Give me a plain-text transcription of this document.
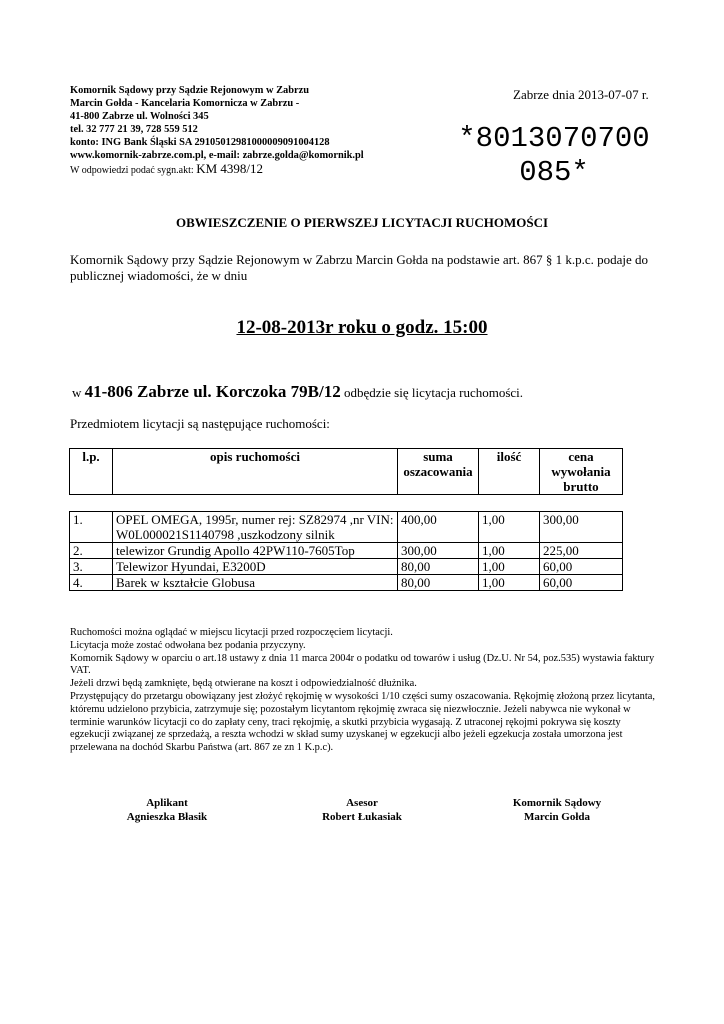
Komornik Sądowy przy Sądzie Rejonowym w Zabrzu
Marcin Gołda - Kancelaria Komornicza w Zabrzu -
41-800 Zabrze ul. Wolności 345
tel. 32 777 21 39, 728 559 512
konto: ING Bank Śląski SA 29105012981000009091004128
www.komornik-zabrze.com.pl, e-mail: zabrze.golda@komornik.pl
W odpowiedzi podać sygn.akt: KM 4398/12
Zabrze dnia 2013-07-07 r.
*8013070700
085*
OBWIESZCZENIE O PIERWSZEJ LICYTACJI RUCHOMOŚCI
Komornik Sądowy przy Sądzie Rejonowym w Zabrzu Marcin Gołda na podstawie art. 867 § 1 k.p.c. podaje do publicznej wiadomości, że w dniu
12-08-2013r roku o godz. 15:00
w 41-806 Zabrze ul. Korczoka 79B/12 odbędzie się licytacja ruchomości.
Przedmiotem licytacji są następujące ruchomości:
l.p.	opis ruchomości	suma oszacowania	ilość	cena wywołania brutto
1.	OPEL OMEGA, 1995r, numer rej: SZ82974 ,nr VIN: W0L000021S1140798 ,uszkodzony silnik	400,00	1,00	300,00
2.	telewizor Grundig Apollo 42PW110-7605Top	300,00	1,00	225,00
3.	Telewizor Hyundai, E3200D	80,00	1,00	60,00
4.	Barek w kształcie Globusa	80,00	1,00	60,00
Ruchomości można oglądać w miejscu licytacji przed rozpoczęciem licytacji.
Licytacja może zostać odwołana bez podania przyczyny.
Komornik Sądowy w oparciu o art.18 ustawy z dnia 11 marca 2004r o podatku od towarów i usług (Dz.U. Nr 54, poz.535) wystawia faktury VAT.
Jeżeli drzwi będą zamknięte, będą otwierane na koszt i odpowiedzialność dłużnika.
Przystępujący do przetargu obowiązany jest złożyć rękojmię w wysokości 1/10 części sumy oszacowania. Rękojmię złożoną przez licytanta, któremu udzielono przybicia, zatrzymuje się; pozostałym licytantom rękojmię zwraca się niezwłocznie. Jeżeli nabywca nie wykonał w terminie warunków licytacji co do zapłaty ceny, traci rękojmię, a skutki przybicia wygasają. Z utraconej rękojmi pokrywa się koszty egzekucji związanej ze sprzedażą, a reszta wchodzi w skład sumy uzyskanej w egzekucji albo jeżeli egzekucja została umorzona jest przelewana na dochód Skarbu Państwa (art. 867 ze zn 1 K.p.c).
Aplikant
Agnieszka Błasik
Asesor
Robert Łukasiak
Komornik Sądowy
Marcin Gołda
